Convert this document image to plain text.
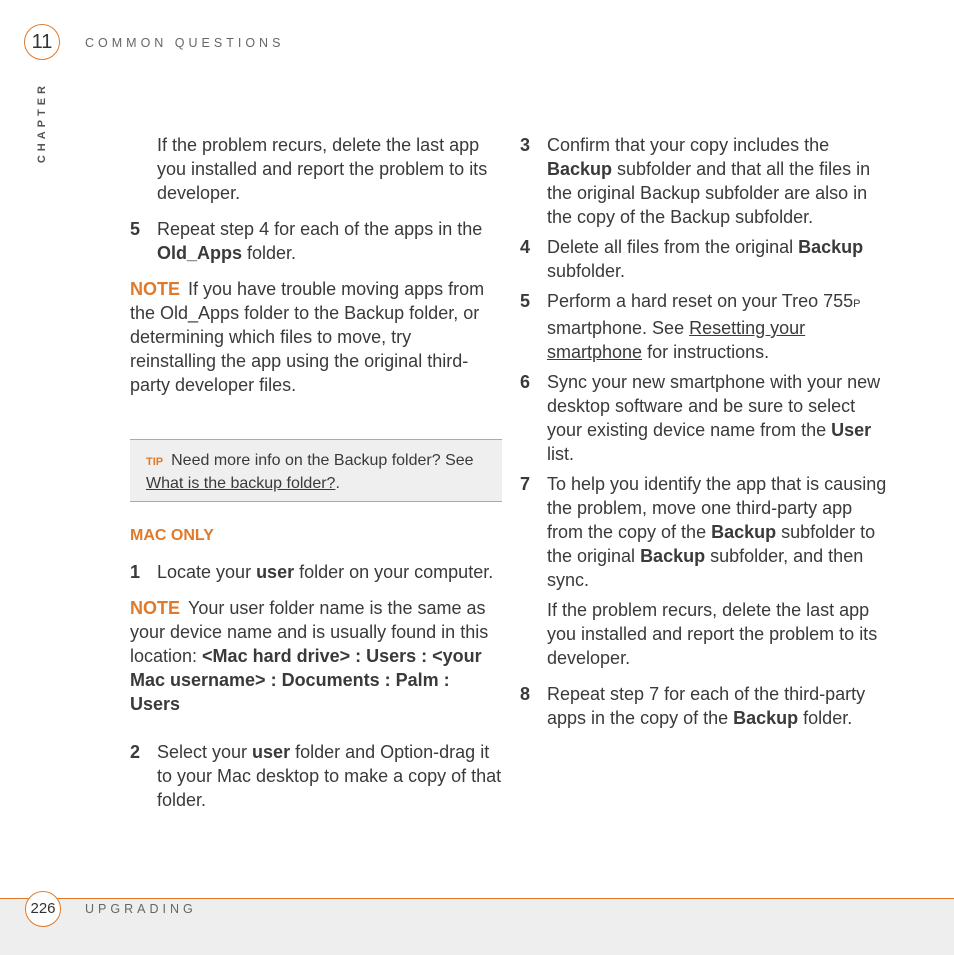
11
CHAPTER
COMMON QUESTIONS

If the problem recurs, delete the last app you installed and report the problem to its developer.

5 Repeat step 4 for each of the apps in the Old_Apps folder.

NOTE If you have trouble moving apps from the Old_Apps folder to the Backup folder, or determining which files to move, try reinstalling the app using the original third-party developer files.

TIP Need more info on the Backup folder? See What is the backup folder?.

MAC ONLY

1 Locate your user folder on your computer.

NOTE Your user folder name is the same as your device name and is usually found in this location: <Mac hard drive> : Users : <your Mac username> : Documents : Palm : Users

2 Select your user folder and Option-drag it to your Mac desktop to make a copy of that folder.

3 Confirm that your copy includes the Backup subfolder and that all the files in the original Backup subfolder are also in the copy of the Backup subfolder.

4 Delete all files from the original Backup subfolder.

5 Perform a hard reset on your Treo 755P smartphone. See Resetting your smartphone for instructions.

6 Sync your new smartphone with your new desktop software and be sure to select your existing device name from the User list.

7 To help you identify the app that is causing the problem, move one third-party app from the copy of the Backup subfolder to the original Backup subfolder, and then sync.

If the problem recurs, delete the last app you installed and report the problem to its developer.

8 Repeat step 7 for each of the third-party apps in the copy of the Backup folder.

226	UPGRADING
